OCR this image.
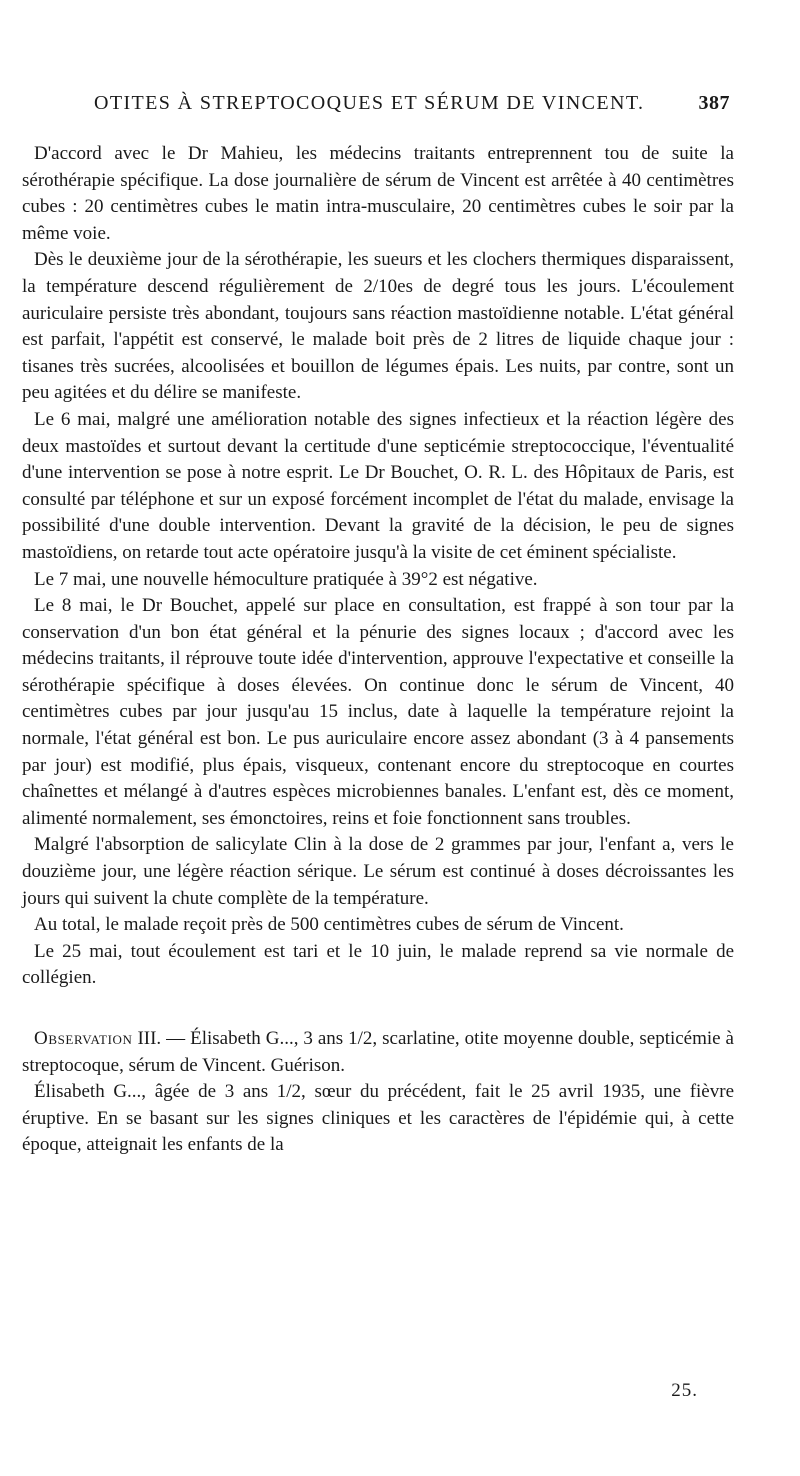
OTITES À STREPTOCOQUES ET SÉRUM DE VINCENT.	387

D'accord avec le Dr Mahieu, les médecins traitants entreprennent tou de suite la sérothérapie spécifique. La dose journalière de sérum de Vincent est arrêtée à 40 centimètres cubes : 20 centimètres cubes le matin intra-musculaire, 20 centimètres cubes le soir par la même voie.

Dès le deuxième jour de la sérothérapie, les sueurs et les clochers thermiques disparaissent, la température descend régulièrement de 2/10es de degré tous les jours. L'écoulement auriculaire persiste très abondant, toujours sans réaction mastoïdienne notable. L'état général est parfait, l'appétit est conservé, le malade boit près de 2 litres de liquide chaque jour : tisanes très sucrées, alcoolisées et bouillon de légumes épais. Les nuits, par contre, sont un peu agitées et du délire se manifeste.

Le 6 mai, malgré une amélioration notable des signes infectieux et la réaction légère des deux mastoïdes et surtout devant la certitude d'une septicémie streptococcique, l'éventualité d'une intervention se pose à notre esprit. Le Dr Bouchet, O. R. L. des Hôpitaux de Paris, est consulté par téléphone et sur un exposé forcément incomplet de l'état du malade, envisage la possibilité d'une double intervention. Devant la gravité de la décision, le peu de signes mastoïdiens, on retarde tout acte opératoire jusqu'à la visite de cet éminent spécialiste.

Le 7 mai, une nouvelle hémoculture pratiquée à 39°2 est négative.

Le 8 mai, le Dr Bouchet, appelé sur place en consultation, est frappé à son tour par la conservation d'un bon état général et la pénurie des signes locaux ; d'accord avec les médecins traitants, il réprouve toute idée d'intervention, approuve l'expectative et conseille la sérothérapie spécifique à doses élevées. On continue donc le sérum de Vincent, 40 centimètres cubes par jour jusqu'au 15 inclus, date à laquelle la température rejoint la normale, l'état général est bon. Le pus auriculaire encore assez abondant (3 à 4 pansements par jour) est modifié, plus épais, visqueux, contenant encore du streptocoque en courtes chaînettes et mélangé à d'autres espèces microbiennes banales. L'enfant est, dès ce moment, alimenté normalement, ses émonctoires, reins et foie fonctionnent sans troubles.

Malgré l'absorption de salicylate Clin à la dose de 2 grammes par jour, l'enfant a, vers le douzième jour, une légère réaction sérique. Le sérum est continué à doses décroissantes les jours qui suivent la chute complète de la température.

Au total, le malade reçoit près de 500 centimètres cubes de sérum de Vincent.

Le 25 mai, tout écoulement est tari et le 10 juin, le malade reprend sa vie normale de collégien.

Observation III. — Élisabeth G..., 3 ans 1/2, scarlatine, otite moyenne double, septicémie à streptocoque, sérum de Vincent. Guérison.

Élisabeth G..., âgée de 3 ans 1/2, sœur du précédent, fait le 25 avril 1935, une fièvre éruptive. En se basant sur les signes cliniques et les caractères de l'épidémie qui, à cette époque, atteignait les enfants de la

25.
